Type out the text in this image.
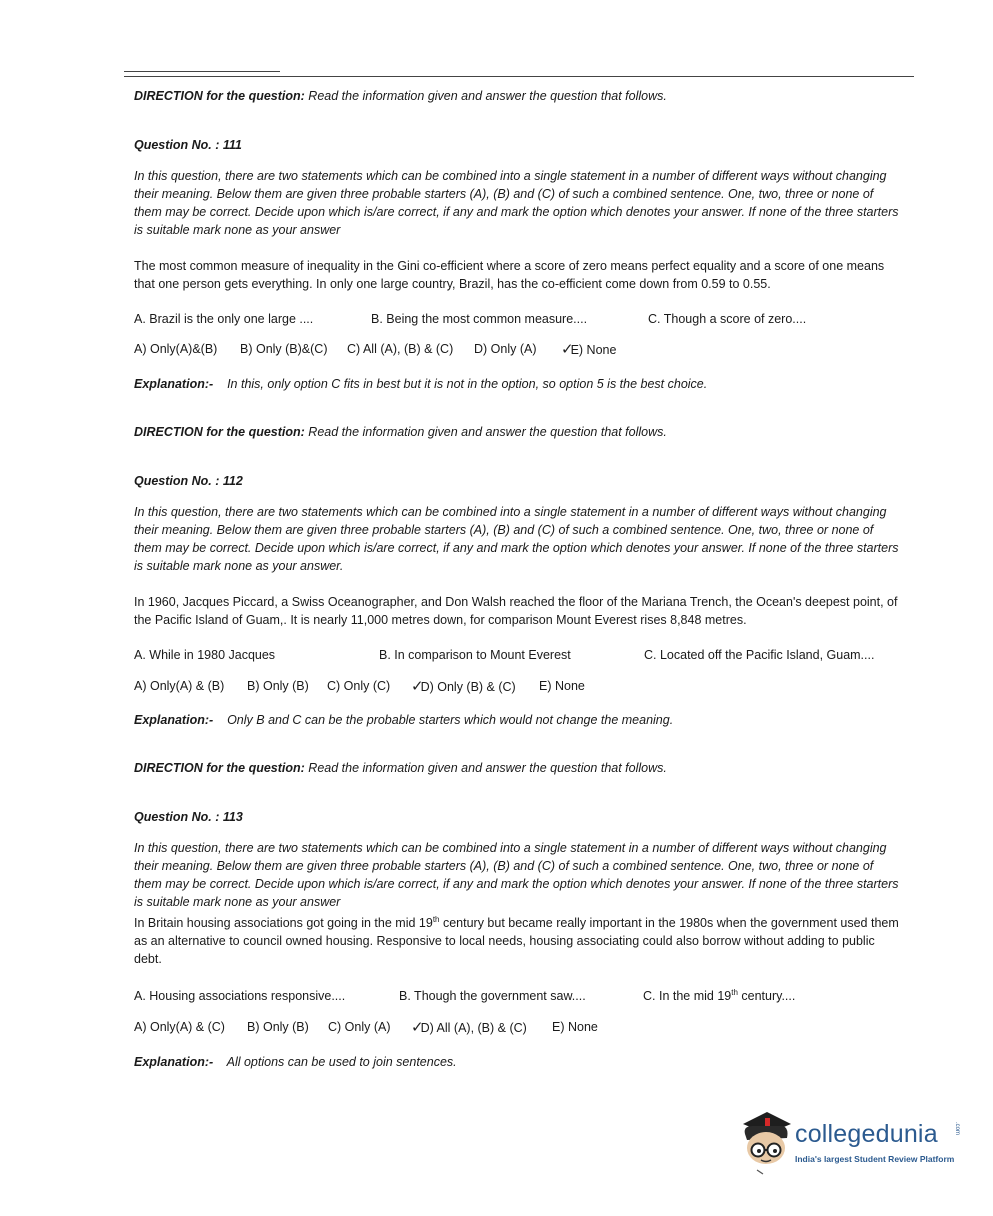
DIRECTION for the question: Read the information given and answer the question that follows.
Question No. : 111
In this question, there are two statements which can be combined into a single statement in a number of different ways without changing their meaning. Below them are given three probable starters (A), (B) and (C) of such a combined sentence. One, two, three or none of them may be correct. Decide upon which is/are correct, if any and mark the option which denotes your answer. If none of the three starters is suitable mark none as your answer
The most common measure of inequality in the Gini co-efficient where a score of zero means perfect equality and a score of one means that one person gets everything. In only one large country, Brazil, has the co-efficient come down from 0.59 to 0.55.
A. Brazil is the only one large ....	B. Being the most common measure....	C. Though a score of zero....
A) Only(A)&(B) B) Only (B)&(C) C) All (A), (B) & (C) D) Only (A) ✓E) None
Explanation:- In this, only option C fits in best but it is not in the option, so option 5 is the best choice.
DIRECTION for the question: Read the information given and answer the question that follows.
Question No. : 112
In this question, there are two statements which can be combined into a single statement in a number of different ways without changing their meaning. Below them are given three probable starters (A), (B) and (C) of such a combined sentence. One, two, three or none of them may be correct. Decide upon which is/are correct, if any and mark the option which denotes your answer. If none of the three starters is suitable mark none as your answer.
In 1960, Jacques Piccard, a Swiss Oceanographer, and Don Walsh reached the floor of the Mariana Trench, the Ocean's deepest point, of the Pacific Island of Guam,. It is nearly 11,000 metres down, for comparison Mount Everest rises 8,848 metres.
A. While in 1980 Jacques	B. In comparison to Mount Everest	C. Located off the Pacific Island, Guam....
A) Only(A) & (B) B) Only (B) C) Only (C) ✓D) Only (B) & (C) E) None
Explanation:- Only B and C can be the probable starters which would not change the meaning.
DIRECTION for the question: Read the information given and answer the question that follows.
Question No. : 113
In this question, there are two statements which can be combined into a single statement in a number of different ways without changing their meaning. Below them are given three probable starters (A), (B) and (C) of such a combined sentence. One, two, three or none of them may be correct. Decide upon which is/are correct, if any and mark the option which denotes your answer. If none of the three starters is suitable mark none as your answer
In Britain housing associations got going in the mid 19th century but became really important in the 1980s when the government used them as an alternative to council owned housing. Responsive to local needs, housing associating could also borrow without adding to public debt.
A. Housing associations responsive....	B. Though the government saw....	C. In the mid 19th century....
A) Only(A) & (C) B) Only (B) C) Only (A) ✓D) All (A), (B) & (C) E) None
Explanation:- All options can be used to join sentences.
collegedunia	.com
India's largest Student Review Platform
